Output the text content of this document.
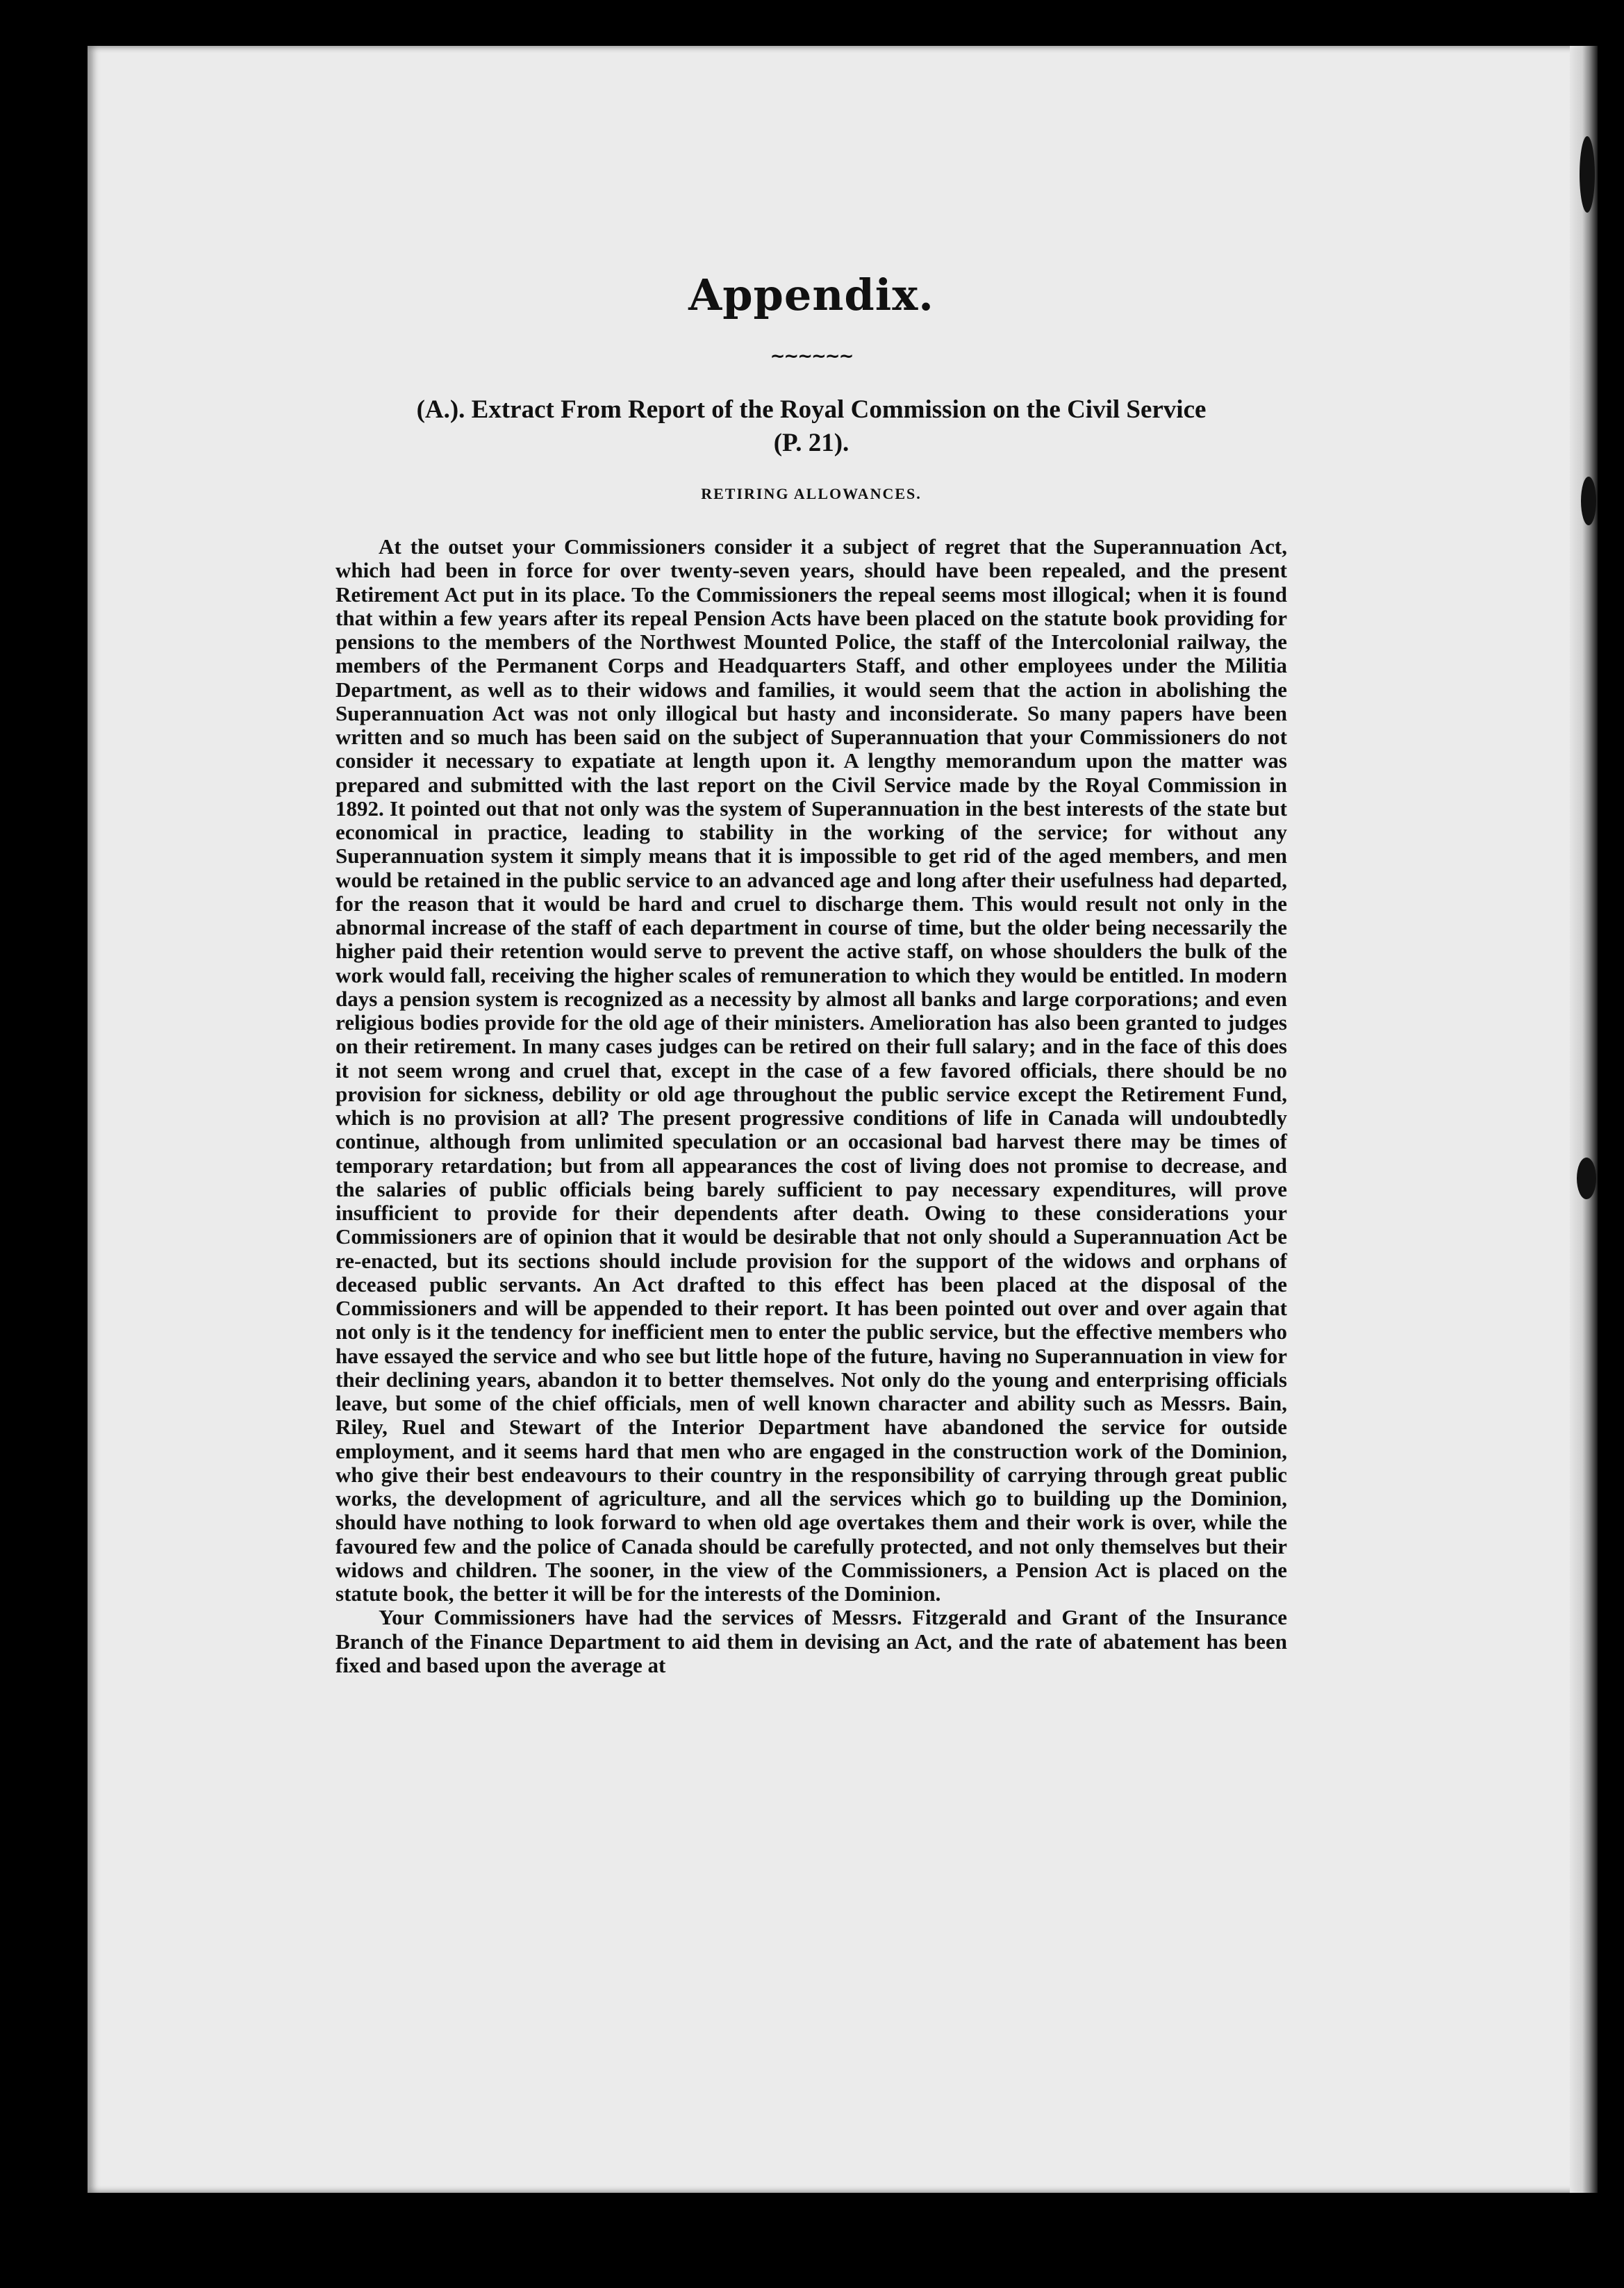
Appendix.
~~~~~~
(A.). Extract From Report of the Royal Commission on the Civil Service
(P. 21).
RETIRING ALLOWANCES.

At the outset your Commissioners consider it a subject of regret that the Superannuation Act, which had been in force for over twenty-seven years, should have been repealed, and the present Retirement Act put in its place. To the Commissioners the repeal seems most illogical; when it is found that within a few years after its repeal Pension Acts have been placed on the statute book providing for pensions to the members of the Northwest Mounted Police, the staff of the Intercolonial railway, the members of the Permanent Corps and Headquarters Staff, and other employees under the Militia Department, as well as to their widows and families, it would seem that the action in abolishing the Superannuation Act was not only illogical but hasty and inconsiderate. So many papers have been written and so much has been said on the subject of Superannuation that your Commissioners do not consider it necessary to expatiate at length upon it. A lengthy memorandum upon the matter was prepared and submitted with the last report on the Civil Service made by the Royal Commission in 1892. It pointed out that not only was the system of Superannuation in the best interests of the state but economical in practice, leading to stability in the working of the service; for without any Superannuation system it simply means that it is impossible to get rid of the aged members, and men would be retained in the public service to an advanced age and long after their usefulness had departed, for the reason that it would be hard and cruel to discharge them. This would result not only in the abnormal increase of the staff of each department in course of time, but the older being necessarily the higher paid their retention would serve to prevent the active staff, on whose shoulders the bulk of the work would fall, receiving the higher scales of remuneration to which they would be entitled. In modern days a pension system is recognized as a necessity by almost all banks and large corporations; and even religious bodies provide for the old age of their ministers. Amelioration has also been granted to judges on their retirement. In many cases judges can be retired on their full salary; and in the face of this does it not seem wrong and cruel that, except in the case of a few favored officials, there should be no provision for sickness, debility or old age throughout the public service except the Retirement Fund, which is no provision at all? The present progressive conditions of life in Canada will undoubtedly continue, although from unlimited speculation or an occasional bad harvest there may be times of temporary retardation; but from all appearances the cost of living does not promise to decrease, and the salaries of public officials being barely sufficient to pay necessary expenditures, will prove insufficient to provide for their dependents after death. Owing to these considerations your Commissioners are of opinion that it would be desirable that not only should a Superannuation Act be re-enacted, but its sections should include provision for the support of the widows and orphans of deceased public servants. An Act drafted to this effect has been placed at the disposal of the Commissioners and will be appended to their report. It has been pointed out over and over again that not only is it the tendency for inefficient men to enter the public service, but the effective members who have essayed the service and who see but little hope of the future, having no Superannuation in view for their declining years, abandon it to better themselves. Not only do the young and enterprising officials leave, but some of the chief officials, men of well known character and ability such as Messrs. Bain, Riley, Ruel and Stewart of the Interior Department have abandoned the service for outside employment, and it seems hard that men who are engaged in the construction work of the Dominion, who give their best endeavours to their country in the responsibility of carrying through great public works, the development of agriculture, and all the services which go to building up the Dominion, should have nothing to look forward to when old age overtakes them and their work is over, while the favoured few and the police of Canada should be carefully protected, and not only themselves but their widows and children. The sooner, in the view of the Commissioners, a Pension Act is placed on the statute book, the better it will be for the interests of the Dominion.

Your Commissioners have had the services of Messrs. Fitzgerald and Grant of the Insurance Branch of the Finance Department to aid them in devising an Act, and the rate of abatement has been fixed and based upon the average at
